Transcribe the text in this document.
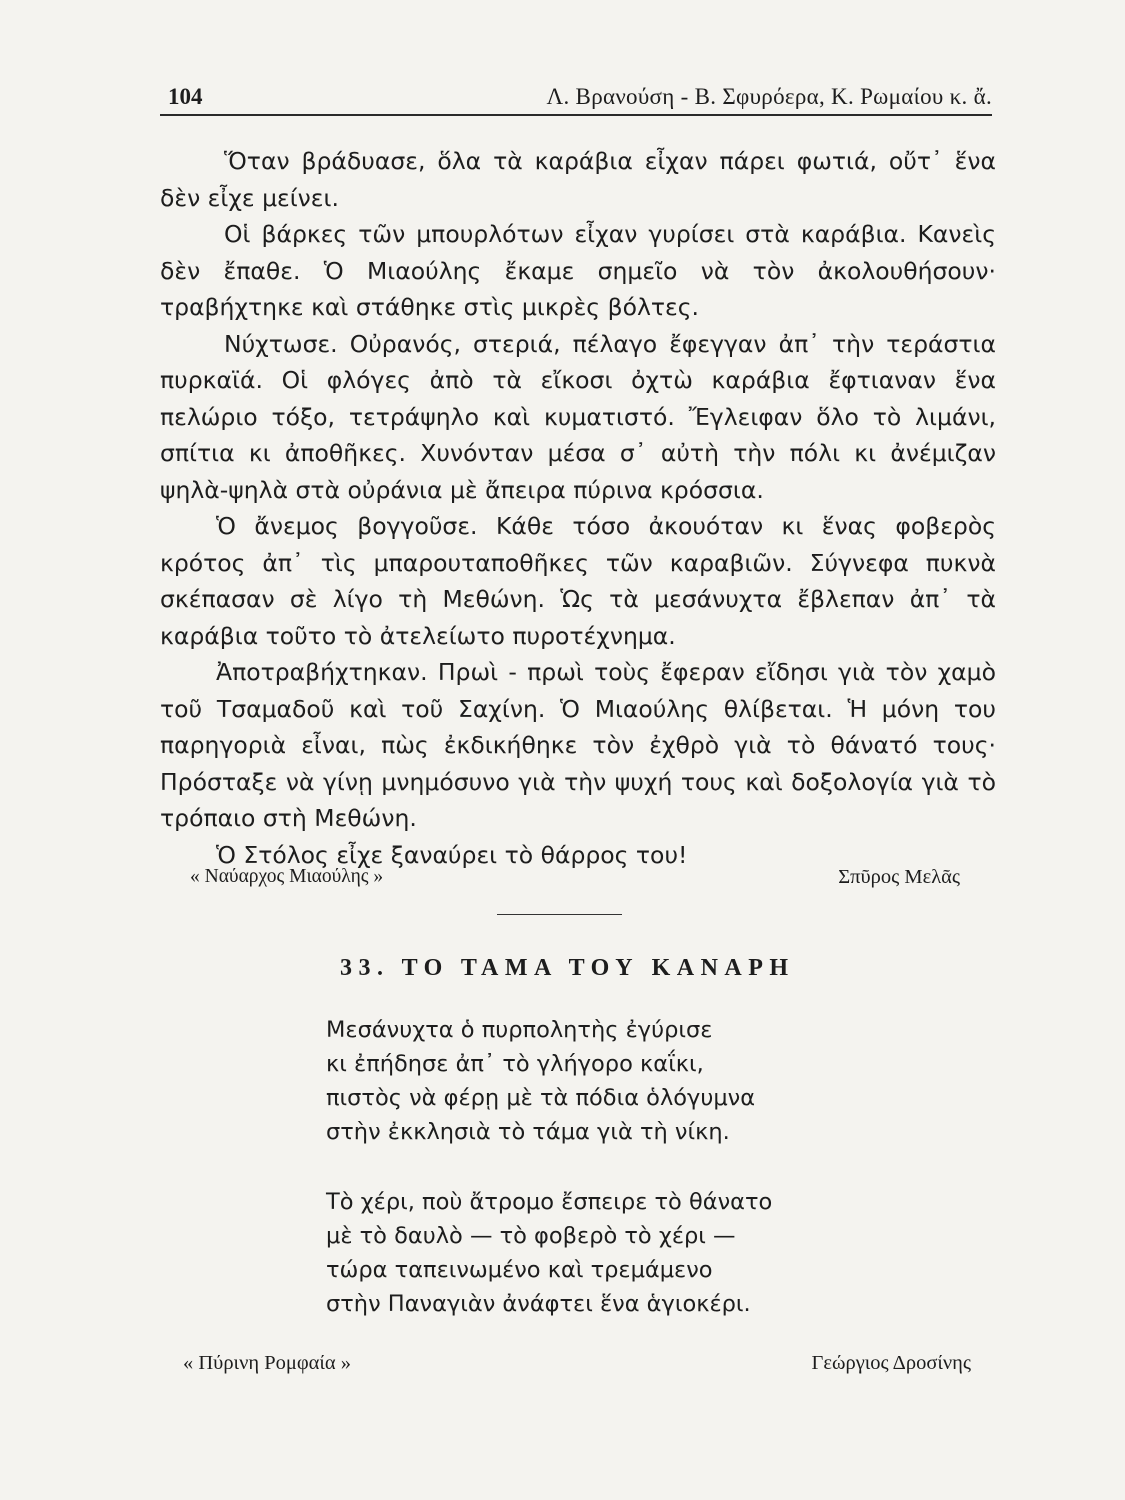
104	Λ. Βρανούση - Β. Σφυρόερα, Κ. Ρωμαίου κ. ἄ.

Ὅταν βράδυασε, ὅλα τὰ καράβια εἶχαν πάρει φωτιά, οὔτ᾽ ἕνα δὲν εἶχε μείνει.

Οἱ βάρκες τῶν μπουρλότων εἶχαν γυρίσει στὰ καράβια. Κανεὶς δὲν ἔπαθε. Ὁ Μιαούλης ἔκαμε σημεῖο νὰ τὸν ἀκολουθήσουν· τραβήχτηκε καὶ στάθηκε στὶς μικρὲς βόλτες.

Νύχτωσε. Οὐρανός, στεριά, πέλαγο ἔφεγγαν ἀπ᾽ τὴν τεράστια πυρκαϊά. Οἱ φλόγες ἀπὸ τὰ εἴκοσι ὀχτὼ καράβια ἔφτιαναν ἕνα πελώριο τόξο, τετράψηλο καὶ κυματιστό. Ἔγλειφαν ὅλο τὸ λιμάνι, σπίτια κι ἀποθῆκες. Χυνόνταν μέσα σ᾽ αὐτὴ τὴν πόλι κι ἀνέμιζαν ψηλὰ-ψηλὰ στὰ οὐράνια μὲ ἄπειρα πύρινα κρόσσια.

Ὁ ἄνεμος βογγοῦσε. Κάθε τόσο ἀκουόταν κι ἕνας φοβερὸς κρότος ἀπ᾽ τὶς μπαρουταποθῆκες τῶν καραβιῶν. Σύγνεφα πυκνὰ σκέπασαν σὲ λίγο τὴ Μεθώνη. Ὡς τὰ μεσάνυχτα ἔβλεπαν ἀπ᾽ τὰ καράβια τοῦτο τὸ ἀτελείωτο πυροτέχνημα.

Ἀποτραβήχτηκαν. Πρωὶ - πρωὶ τοὺς ἔφεραν εἴδησι γιὰ τὸν χαμὸ τοῦ Τσαμαδοῦ καὶ τοῦ Σαχίνη. Ὁ Μιαούλης θλίβεται. Ἡ μόνη του παρηγοριὰ εἶναι, πὼς ἐκδικήθηκε τὸν ἐχθρὸ γιὰ τὸ θάνατό τους· Πρόσταξε νὰ γίνῃ μνημόσυνο γιὰ τὴν ψυχή τους καὶ δοξολογία γιὰ τὸ τρόπαιο στὴ Μεθώνη.

Ὁ Στόλος εἶχε ξαναύρει τὸ θάρρος του!

« Ναύαρχος Μιαούλης »	Σπῦρος Μελᾶς
33. ΤΟ ΤΑΜΑ ΤΟΥ ΚΑΝΑΡΗ
Μεσάνυχτα ὁ πυρπολητὴς ἐγύρισε
κι ἐπήδησε ἀπ᾽ τὸ γλήγορο καΐκι,
πιστὸς νὰ φέρῃ μὲ τὰ πόδια ὁλόγυμνα
στὴν ἐκκλησιὰ τὸ τάμα γιὰ τὴ νίκη.
Τὸ χέρι, ποὺ ἄτρομο ἔσπειρε τὸ θάνατο
μὲ τὸ δαυλὸ — τὸ φοβερὸ τὸ χέρι —
τώρα ταπεινωμένο καὶ τρεμάμενο
στὴν Παναγιὰν ἀνάφτει ἕνα ἁγιοκέρι.
« Πύρινη Ρομφαία »	Γεώργιος Δροσίνης
